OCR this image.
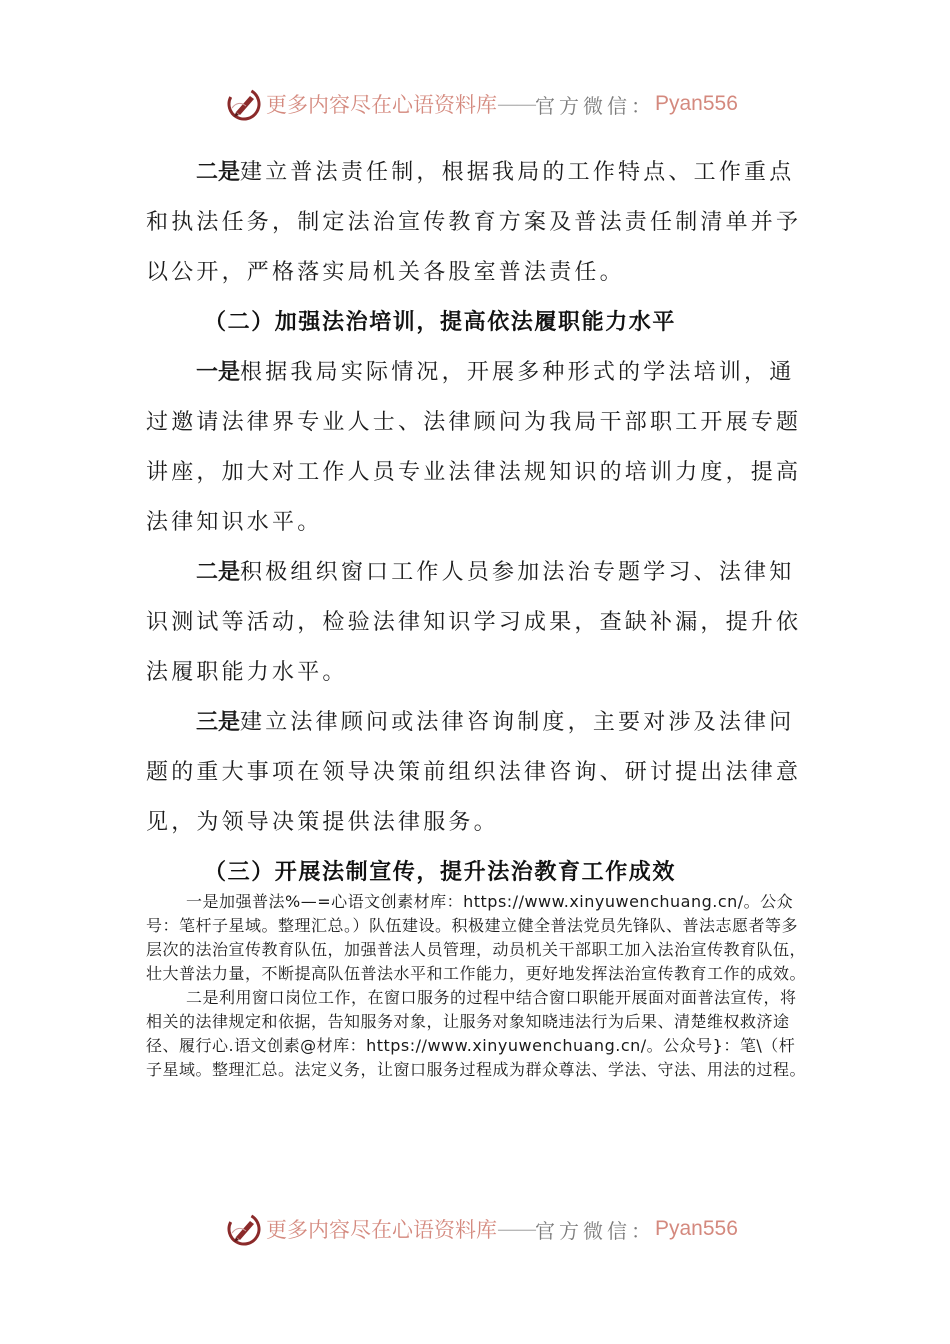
更多内容尽在心语资料库 —— 官方微信： Pyan556

二是建立普法责任制，根据我局的工作特点、工作重点和执法任务，制定法治宣传教育方案及普法责任制清单并予以公开，严格落实局机关各股室普法责任。

（二）加强法治培训，提高依法履职能力水平

一是根据我局实际情况，开展多种形式的学法培训，通过邀请法律界专业人士、法律顾问为我局干部职工开展专题讲座，加大对工作人员专业法律法规知识的培训力度，提高法律知识水平。

二是积极组织窗口工作人员参加法治专题学习、法律知识测试等活动，检验法律知识学习成果，查缺补漏，提升依法履职能力水平。

三是建立法律顾问或法律咨询制度，主要对涉及法律问题的重大事项在领导决策前组织法律咨询、研讨提出法律意见，为领导决策提供法律服务。

（三）开展法制宣传，提升法治教育工作成效

一是加强普法%—=心语文创素材库：https://www.xinyuwenchuang.cn/。公众号：笔杆子星域。整理汇总。）队伍建设。积极建立健全普法党员先锋队、普法志愿者等多层次的法治宣传教育队伍，加强普法人员管理，动员机关干部职工加入法治宣传教育队伍，壮大普法力量，不断提高队伍普法水平和工作能力，更好地发挥法治宣传教育工作的成效。

二是利用窗口岗位工作，在窗口服务的过程中结合窗口职能开展面对面普法宣传，将相关的法律规定和依据，告知服务对象，让服务对象知晓违法行为后果、清楚维权救济途径、履行心.语文创素@材库：https://www.xinyuwenchuang.cn/。公众号}：笔\（杆子星域。整理汇总。法定义务，让窗口服务过程成为群众尊法、学法、守法、用法的过程。

更多内容尽在心语资料库 —— 官方微信： Pyan556
